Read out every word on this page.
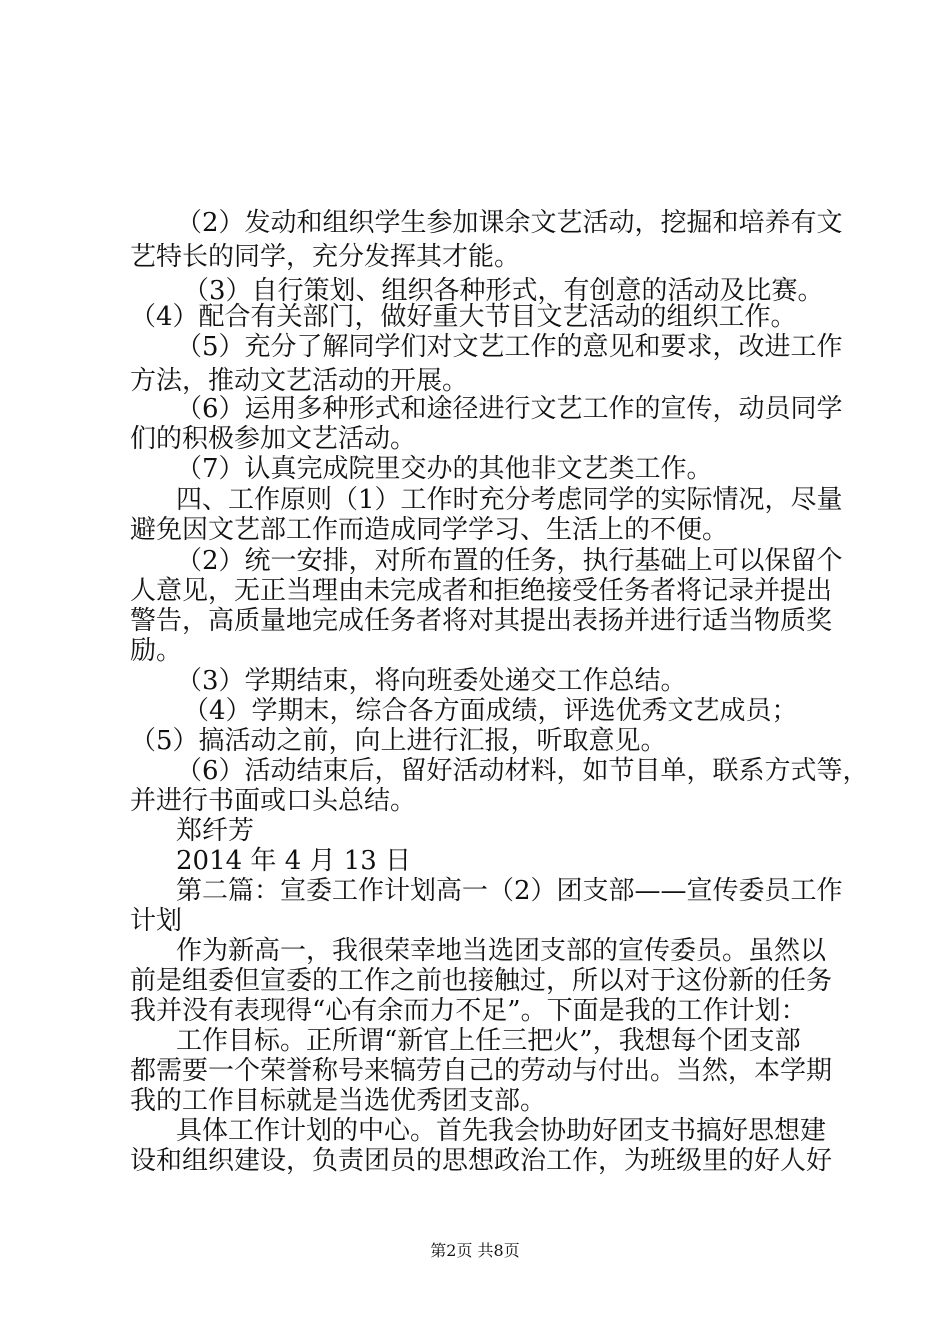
（2）发动和组织学生参加课余文艺活动，挖掘和培养有文
艺特长的同学，充分发挥其才能。
（3）自行策划、组织各种形式，有创意的活动及比赛。
（4）配合有关部门，做好重大节目文艺活动的组织工作。
（5）充分了解同学们对文艺工作的意见和要求，改进工作
方法，推动文艺活动的开展。
（6）运用多种形式和途径进行文艺工作的宣传，动员同学
们的积极参加文艺活动。
（7）认真完成院里交办的其他非文艺类工作。
四、工作原则（1）工作时充分考虑同学的实际情况，尽量
避免因文艺部工作而造成同学学习、生活上的不便。
（2）统一安排，对所布置的任务，执行基础上可以保留个
人意见，无正当理由未完成者和拒绝接受任务者将记录并提出
警告，高质量地完成任务者将对其提出表扬并进行适当物质奖
励。
（3）学期结束，将向班委处递交工作总结。
（4）学期末，综合各方面成绩，评选优秀文艺成员；
（5）搞活动之前，向上进行汇报，听取意见。
（6）活动结束后，留好活动材料，如节目单，联系方式等，
并进行书面或口头总结。
郑纤芳
2014 年 4 月 13 日
第二篇：宣委工作计划高一（2）团支部——宣传委员工作
计划
作为新高一，我很荣幸地当选团支部的宣传委员。虽然以
前是组委但宣委的工作之前也接触过，所以对于这份新的任务
我并没有表现得“心有余而力不足”。下面是我的工作计划：
工作目标。正所谓“新官上任三把火”，我想每个团支部
都需要一个荣誉称号来犒劳自己的劳动与付出。当然，本学期
我的工作目标就是当选优秀团支部。
具体工作计划的中心。首先我会协助好团支书搞好思想建
设和组织建设，负责团员的思想政治工作，为班级里的好人好
第2页 共8页
